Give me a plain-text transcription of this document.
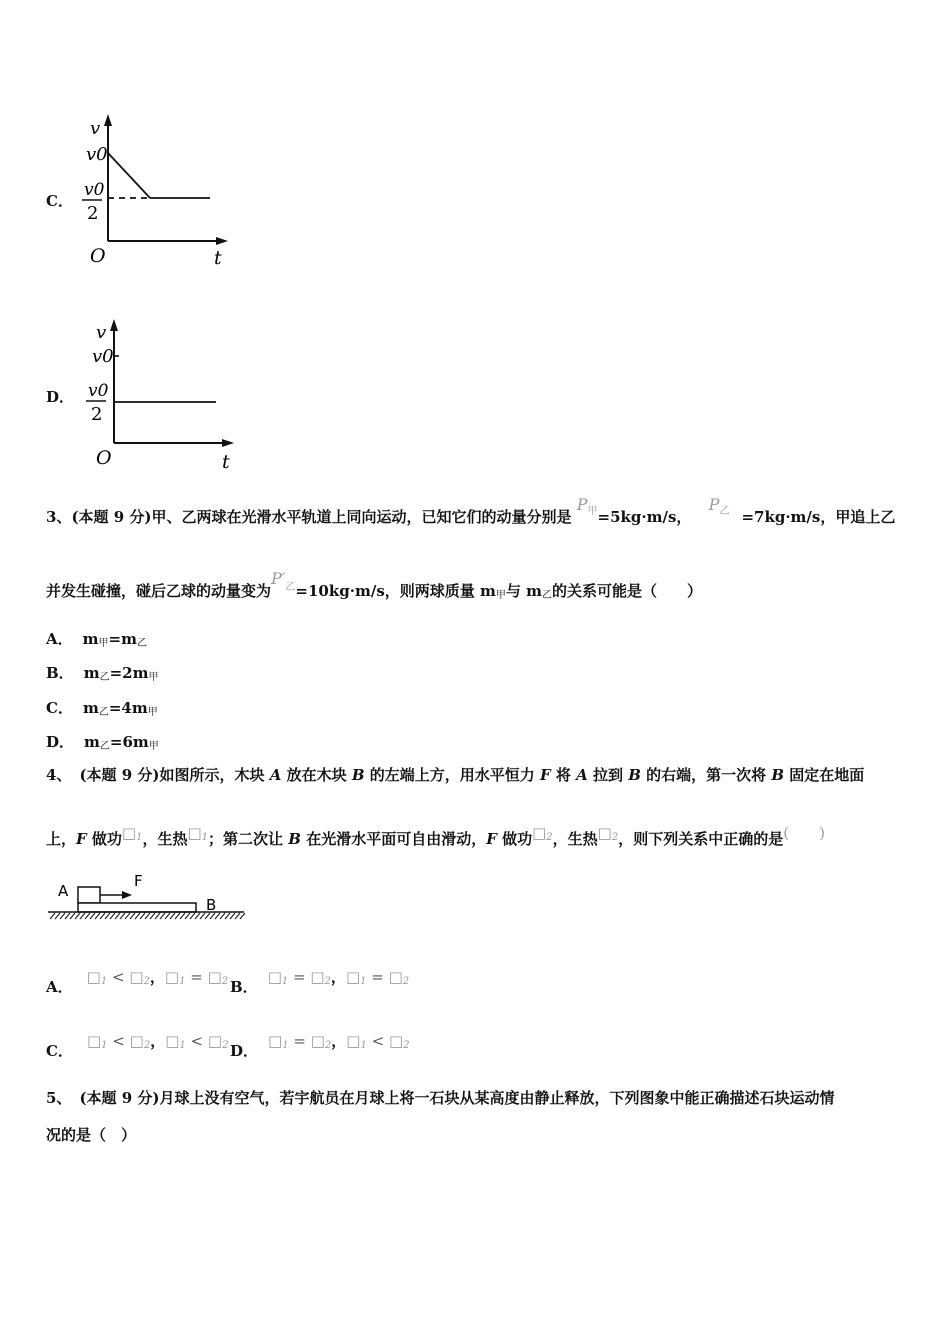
C．
v
v0
v0
2
O	t
D．
v
v0
v0
2
O	t
3、(本题 9 分)甲、乙两球在光滑水平轨道上同向运动，已知它们的动量分别是 $P^甲=5kg\cdot m/s$， $P^乙 =7kg\cdot m/s$，甲追上乙
并发生碰撞，碰后乙球的动量变为$P'^乙=10kg\cdot m/s$，则两球质量 $m_甲$与 $m_乙$的关系可能是（　　）
A． $m_甲=m_乙$
B． $m_乙=2m_甲$
C． $m_乙=4m_甲$
D． $m_乙=6m_甲$
4、 (本题 9 分)如图所示，木块 A 放在木块 B 的左端上方，用水平恒力 F 将 A 拉到 B 的右端，第一次将 B 固定在地面
上，F 做功□$^1$，生热□$^1$；第二次让 B 在光滑水平面可自由滑动，F 做功□$^2$，生热□$^2$，则下列关系中正确的是(　　)
A
F
B
A．$□_1$ < $□_2$，$□_1$ = $□_2$ B．$□_1$ = $□_2$，$□_1$ = $□_2$
C．$□_1$ < $□_2$，$□_1$ < $□_2$ D．$□_1$ = $□_2$，$□_1$ < $□_2$
5、 (本题 9 分)月球上没有空气，若宇航员在月球上将一石块从某高度由静止释放，下列图象中能正确描述石块运动情
况的是（　）
